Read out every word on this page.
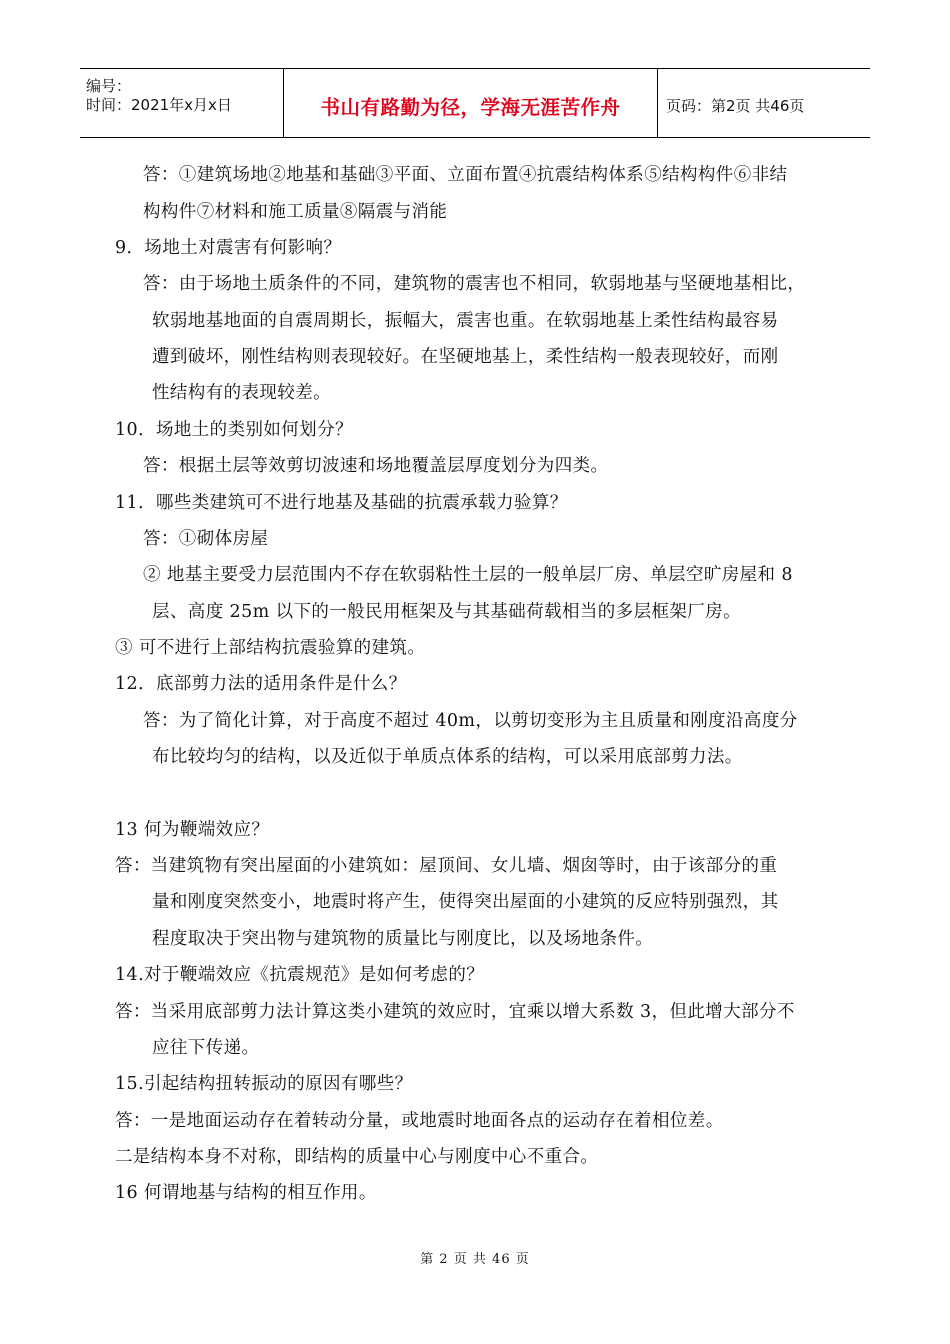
编号：
时间：2021年x月x日	书山有路勤为径，学海无涯苦作舟	页码：第2页 共46页
答：①建筑场地②地基和基础③平面、立面布置④抗震结构体系⑤结构构件⑥非结
构构件⑦材料和施工质量⑧隔震与消能
9．场地土对震害有何影响？
答：由于场地土质条件的不同，建筑物的震害也不相同，软弱地基与坚硬地基相比，
软弱地基地面的自震周期长，振幅大，震害也重。在软弱地基上柔性结构最容易
遭到破坏，刚性结构则表现较好。在坚硬地基上，柔性结构一般表现较好，而刚
性结构有的表现较差。
10．场地土的类别如何划分？
答：根据土层等效剪切波速和场地覆盖层厚度划分为四类。
11．哪些类建筑可不进行地基及基础的抗震承载力验算？
答：①砌体房屋
② 地基主要受力层范围内不存在软弱粘性土层的一般单层厂房、单层空旷房屋和 8
层、高度 25m 以下的一般民用框架及与其基础荷载相当的多层框架厂房。
③ 可不进行上部结构抗震验算的建筑。
12．底部剪力法的适用条件是什么？
答：为了简化计算，对于高度不超过 40m，以剪切变形为主且质量和刚度沿高度分
布比较均匀的结构，以及近似于单质点体系的结构，可以采用底部剪力法。
13 何为鞭端效应？
答：当建筑物有突出屋面的小建筑如：屋顶间、女儿墙、烟囱等时，由于该部分的重
量和刚度突然变小，地震时将产生，使得突出屋面的小建筑的反应特别强烈，其
程度取决于突出物与建筑物的质量比与刚度比，以及场地条件。
14.对于鞭端效应《抗震规范》是如何考虑的？
答：当采用底部剪力法计算这类小建筑的效应时，宜乘以增大系数 3，但此增大部分不
应往下传递。
15.引起结构扭转振动的原因有哪些？
答：一是地面运动存在着转动分量，或地震时地面各点的运动存在着相位差。
二是结构本身不对称，即结构的质量中心与刚度中心不重合。
16 何谓地基与结构的相互作用。
第 2 页 共 46 页
